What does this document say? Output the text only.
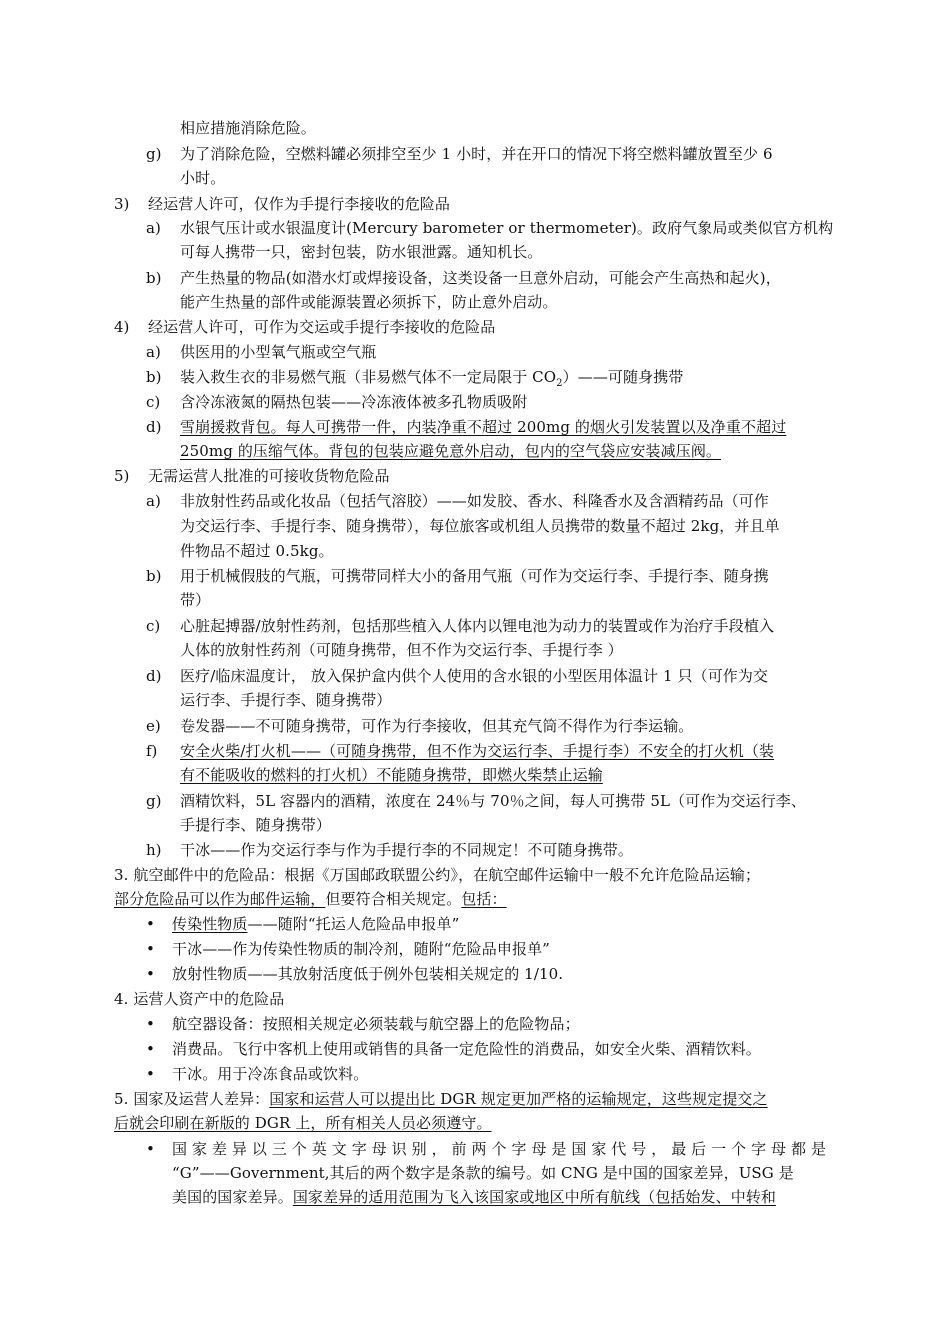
相应措施消除危险。
g) 为了消除危险，空燃料罐必须排空至少 1 小时，并在开口的情况下将空燃料罐放置至少 6
小时。
3) 经运营人许可，仅作为手提行李接收的危险品
a) 水银气压计或水银温度计(Mercury barometer or thermometer)。政府气象局或类似官方机构
可每人携带一只，密封包装，防水银泄露。通知机长。
b) 产生热量的物品(如潜水灯或焊接设备，这类设备一旦意外启动，可能会产生高热和起火)，
能产生热量的部件或能源装置必须拆下，防止意外启动。
4) 经运营人许可，可作为交运或手提行李接收的危险品
a) 供医用的小型氧气瓶或空气瓶
b) 装入救生衣的非易燃气瓶（非易燃气体不一定局限于 $CO_2)——$可随身携带
c) 含冷冻液氮的隔热包装——冷冻液体被多孔物质吸附
d) 雪崩援救背包。每人可携带一件，内装净重不超过 200mg 的烟火引发装置以及净重不超过
250mg 的压缩气体。背包的包装应避免意外启动，包内的空气袋应安装减压阀。
5) 无需运营人批准的可接收货物危险品
a) 非放射性药品或化妆品（包括气溶胶）——如发胶、香水、科隆香水及含酒精药品（可作
为交运行李、手提行李、随身携带），每位旅客或机组人员携带的数量不超过 2kg，并且单
件物品不超过 0.5kg。
b) 用于机械假肢的气瓶，可携带同样大小的备用气瓶（可作为交运行李、手提行李、随身携
带）
c) 心脏起搏器/放射性药剂，包括那些植入人体内以锂电池为动力的装置或作为治疗手段植入
人体的放射性药剂（可随身携带，但不作为交运行李、手提行李 ）
d) 医疗/临床温度计， 放入保护盒内供个人使用的含水银的小型医用体温计 1 只（可作为交
运行李、手提行李、随身携带）
e) 卷发器——不可随身携带，可作为行李接收，但其充气筒不得作为行李运输。
f) 安全火柴/打火机——（可随身携带，但不作为交运行李、手提行李）不安全的打火机（装
有不能吸收的燃料的打火机）不能随身携带，即燃火柴禁止运输
g) 酒精饮料，5L 容器内的酒精，浓度在 24％与 70％之间，每人可携带 5L（可作为交运行李、
手提行李、随身携带）
h) 干冰——作为交运行李与作为手提行李的不同规定！不可随身携带。
3. 航空邮件中的危险品：根据《万国邮政联盟公约》，在航空邮件运输中一般不允许危险品运输；
部分危险品可以作为邮件运输，但要符合相关规定。包括：
• 传染性物质——随附“托运人危险品申报单”
• 干冰——作为传染性物质的制冷剂，随附“危险品申报单”
• 放射性物质——其放射活度低于例外包装相关规定的 1/10.
4. 运营人资产中的危险品
• 航空器设备：按照相关规定必须装载与航空器上的危险物品；
• 消费品。飞行中客机上使用或销售的具备一定危险性的消费品，如安全火柴、酒精饮料。
• 干冰。用于冷冻食品或饮料。
5. 国家及运营人差异：国家和运营人可以提出比 DGR 规定更加严格的运输规定，这些规定提交之
后就会印刷在新版的 DGR 上，所有相关人员必须遵守。
• 国 家 差 异 以 三 个 英 文 字 母 识 别 ， 前 两 个 字 母 是 国 家 代 号 ， 最 后 一 个 字 母 都 是
“G”——Government,其后的两个数字是条款的编号。如 CNG 是中国的国家差异，USG 是
美国的国家差异。国家差异的适用范围为飞入该国家或地区中所有航线（包括始发、中转和
